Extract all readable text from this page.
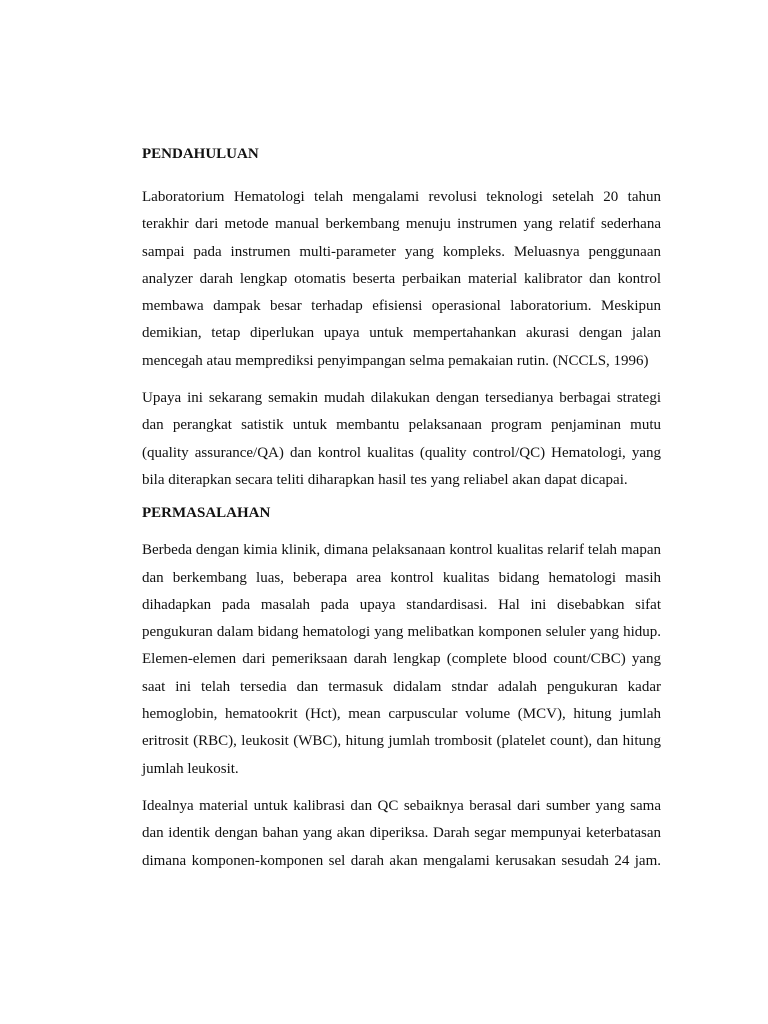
PENDAHULUAN
Laboratorium Hematologi telah mengalami revolusi teknologi setelah 20 tahun
terakhir dari metode manual berkembang menuju instrumen yang relatif sederhana
sampai pada instrumen multi-parameter yang kompleks. Meluasnya penggunaan
analyzer darah lengkap otomatis beserta perbaikan material kalibrator dan kontrol
membawa dampak besar terhadap efisiensi operasional laboratorium. Meskipun
demikian, tetap diperlukan upaya untuk mempertahankan akurasi dengan jalan
mencegah atau memprediksi penyimpangan selma pemakaian rutin. (NCCLS, 1996)
Upaya ini sekarang semakin mudah dilakukan dengan tersedianya berbagai strategi
dan perangkat satistik untuk membantu pelaksanaan program penjaminan mutu
(quality assurance/QA) dan kontrol kualitas (quality control/QC) Hematologi, yang
bila diterapkan secara teliti diharapkan hasil tes yang reliabel akan dapat dicapai.
PERMASALAHAN
Berbeda dengan kimia klinik, dimana pelaksanaan kontrol kualitas relarif telah mapan
dan berkembang luas, beberapa area kontrol kualitas bidang hematologi masih
dihadapkan pada masalah pada upaya standardisasi. Hal ini disebabkan sifat
pengukuran dalam bidang hematologi yang melibatkan komponen seluler yang hidup.
Elemen-elemen dari pemeriksaan darah lengkap (complete blood count/CBC) yang
saat ini telah tersedia dan termasuk didalam stndar adalah pengukuran kadar
hemoglobin, hematookrit (Hct), mean carpuscular volume (MCV), hitung jumlah
eritrosit (RBC), leukosit (WBC), hitung jumlah trombosit (platelet count), dan hitung
jumlah leukosit.
Idealnya material untuk kalibrasi dan QC sebaiknya berasal dari sumber yang sama
dan identik dengan bahan yang akan diperiksa. Darah segar mempunyai keterbatasan
dimana komponen-komponen sel darah akan mengalami kerusakan sesudah 24 jam.
